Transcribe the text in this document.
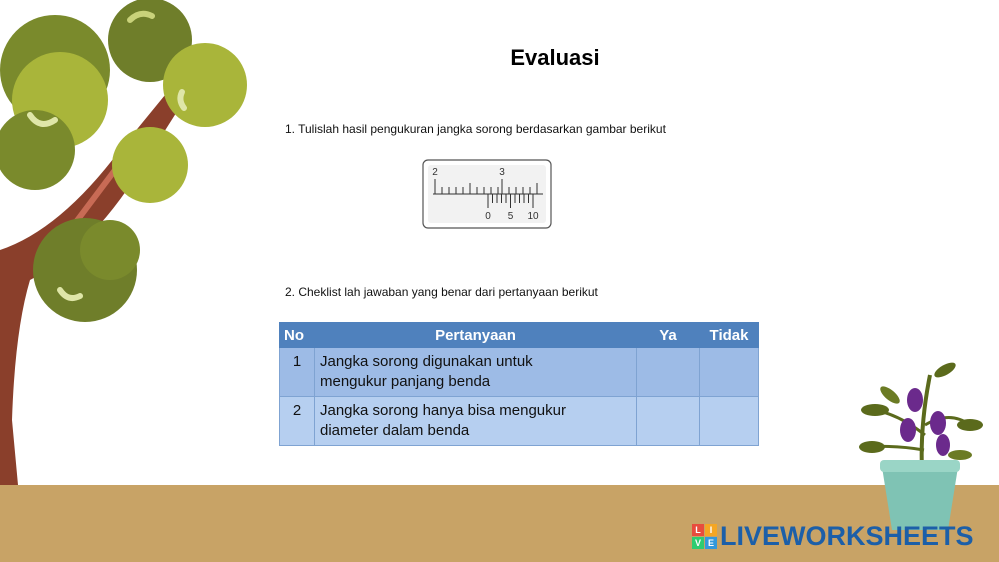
Evaluasi
1. Tulislah hasil pengukuran jangka sorong berdasarkan gambar berikut
2	3
0 5 10
2. Cheklist lah jawaban yang benar dari pertanyaan berikut
No	Pertanyaan	Ya	Tidak
1	Jangka sorong digunakan untuk
mengukur panjang benda		

2	Jangka sorong hanya bisa mengukur
diameter dalam benda		

L I
V E LIVEWORKSHEETS
